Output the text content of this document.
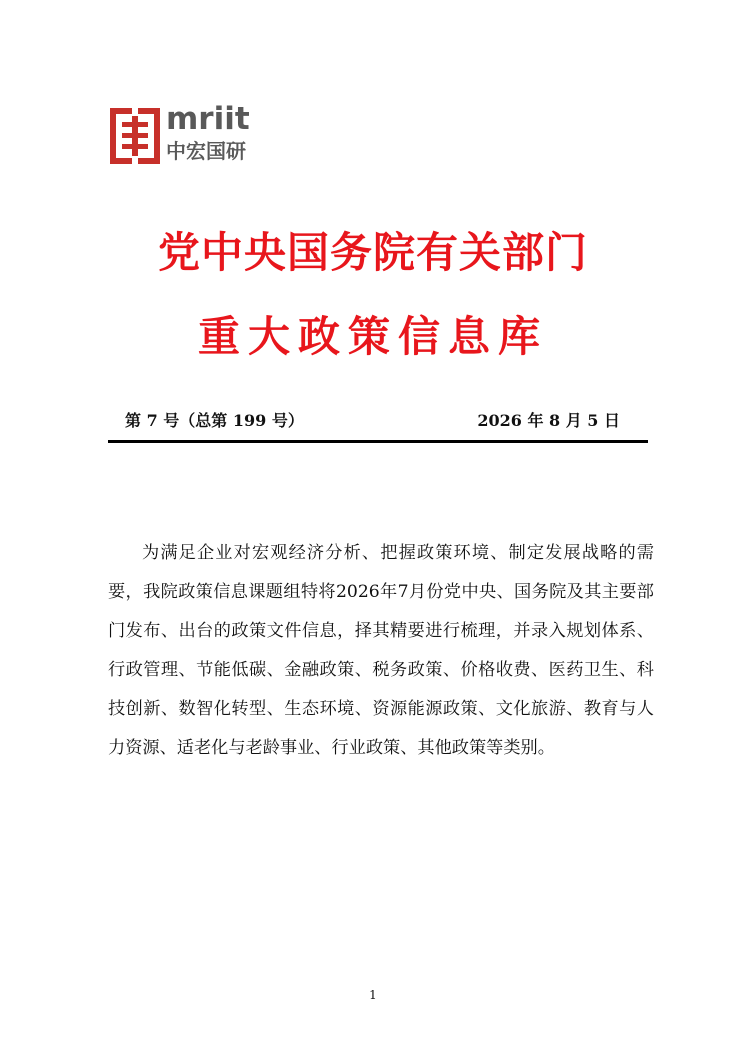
mriit
中宏国研
党中央国务院有关部门
重大政策信息库
第 7 号（总第 199 号）	2026 年 8 月 5 日

为满足企业对宏观经济分析、把握政策环境、制定发展战略的需要，我院政策信息课题组特将2026年7月份党中央、国务院及其主要部门发布、出台的政策文件信息，择其精要进行梳理，并录入规划体系、行政管理、节能低碳、金融政策、税务政策、价格收费、医药卫生、科技创新、数智化转型、生态环境、资源能源政策、文化旅游、教育与人力资源、适老化与老龄事业、行业政策、其他政策等类别。

1
